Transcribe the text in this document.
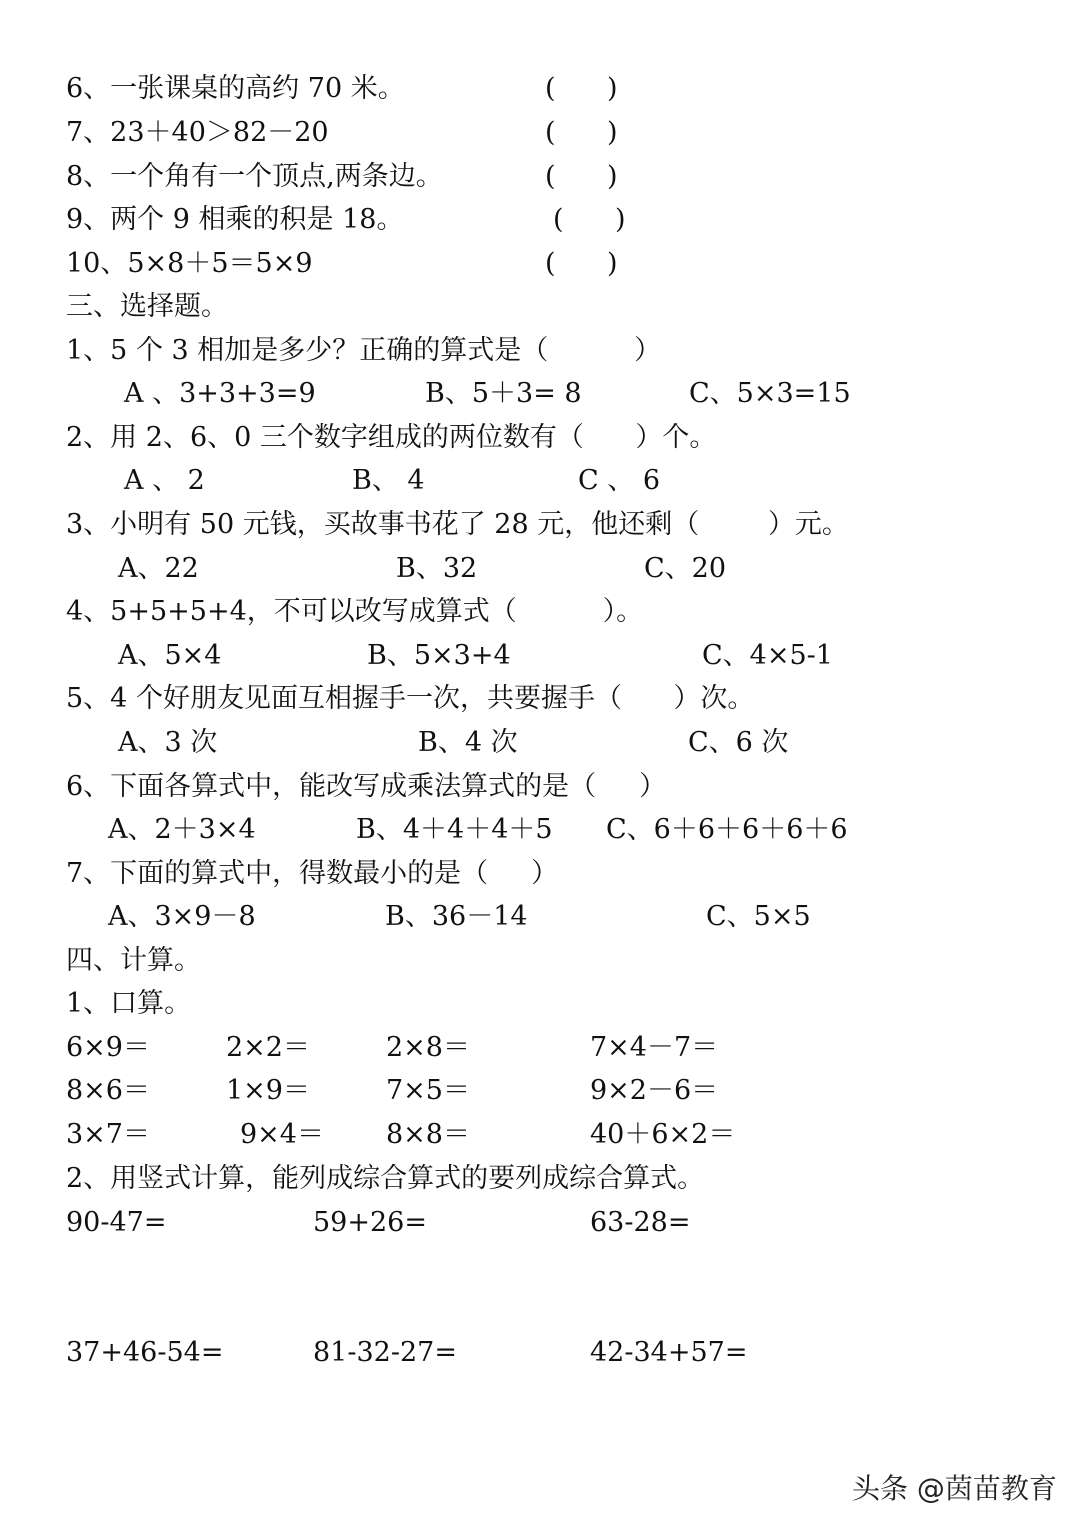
6、一张课桌的高约 70 米。	(      )
7、23＋40＞82－20	(      )
8、一个角有一个顶点,两条边。	(      )
9、两个 9 相乘的积是 18。	(      )
10、5×8＋5＝5×9	(      )
三、选择题。
1、5 个 3 相加是多少？正确的算式是（          ）
A 、3+3+3=9	B、5＋3= 8	C、5×3=15
2、用 2、6、0 三个数字组成的两位数有（      ）个。
A 、 2	B、 4	C 、 6
3、小明有 50 元钱，买故事书花了 28 元，他还剩（        ）元。
A、22	B、32	C、20
4、5+5+5+4，不可以改写成算式（          ）。
A、5×4	B、5×3+4	C、4×5-1
5、4 个好朋友见面互相握手一次，共要握手（      ）次。
A、3 次	B、4 次	C、6 次
6、下面各算式中，能改写成乘法算式的是（     ）
A、2＋3×4	B、4＋4＋4＋5 C、6＋6＋6＋6＋6
7、下面的算式中，得数最小的是（     ）
A、3×9－8	B、36－14	C、5×5
四、计算。
1、口算。
6×9＝	2×2＝	2×8＝	7×4－7＝
8×6＝	1×9＝	7×5＝	9×2－6＝
3×7＝	9×4＝ 8×8＝	40＋6×2＝
2、用竖式计算，能列成综合算式的要列成综合算式。
90-47=	59+26=	63-28=
37+46-54=	81-32-27=	42-34+57=
头条 @茵苗教育
